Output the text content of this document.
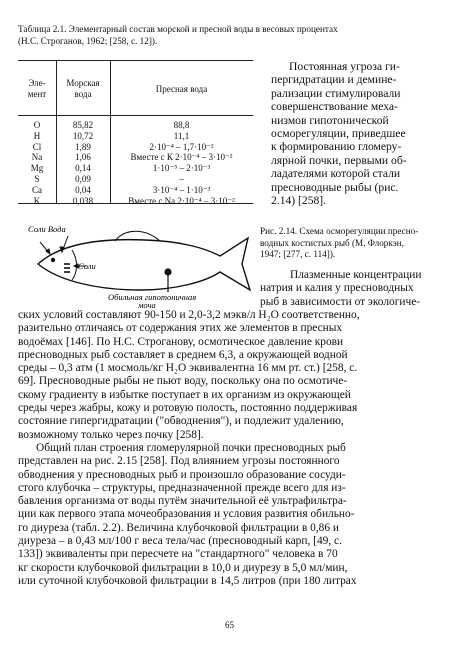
Таблица 2.1. Элементарный состав морской и пресной воды в весовых процентах
(Н.С. Строганов, 1962; [258, с. 12]).
Эле-
мент
Морская
вода	Пресная вода
O
H
Cl
Na
Mg
S
Ca
K
85,82
10,72
1,89
1,06
0,14
0,09
0,04
0,038
88,8
11,1
2·10⁻⁴ – 1,7·10⁻²
Вместе с К 2·10⁻⁴ – 3·10⁻²
1·10⁻⁵ – 2·10⁻³
–
3·10⁻⁴ – 1·10⁻³
Вместе с Na 2·10⁻⁴ – 3·10⁻²
Постоянная угроза ги-
пергидратации и демине-
рализации стимулировали
совершенствование меха-
низмов гипотонической
осморегуляции, приведшее
к формированию гломеру-
лярной почки, первыми об-
ладателями которой стали
пресноводные рыбы (рис.
2.14) [258].
Соли Вода
Соли
Обильная гипотоничная
моча
Рис. 2.14. Схема осморегуляции пресно-
водных костистых рыб (М. Флоркэн,
1947; [277, с. 114]).
Плазменные концентрации
натрия и калия у пресноводных
рыб в зависимости от экологиче-
ских условий составляют 90-150 и 2,0-3,2 мэкв/л H₂O соответственно,
разительно отличаясь от содержания этих же элементов в пресных
водоёмах [146]. По Н.С. Строганову, осмотическое давление крови
пресноводных рыб составляет в среднем 6,3, а окружающей водной
среды – 0,3 атм (1 мосмоль/кг H₂O эквивалентна 16 мм рт. ст.) [258, с.
69]. Пресноводные рыбы не пьют воду, поскольку она по осмотиче-
скому градиенту в избытке поступает в их организм из окружающей
среды через жабры, кожу и ротовую полость, постоянно поддерживая
состояние гипергидратации ("обводнения"), и подлежит удалению,
возможному только через почку [258].
Общий план строения гломерулярной почки пресноводных рыб
представлен на рис. 2.15 [258]. Под влиянием угрозы постоянного
обводнения у пресноводных рыб и произошло образование сосуди-
стого клубочка – структуры, предназначенной прежде всего для из-
бавления организма от воды путём значительной её ультрафильтра-
ции как первого этапа мочеобразования и условия развития обильно-
го диуреза (табл. 2.2). Величина клубочковой фильтрации в 0,86 и
диуреза – в 0,43 мл/100 г веса тела/час (пресноводный карп, [49, с.
133]) эквиваленты при пересчете на "стандартного" человека в 70
кг скорости клубочковой фильтрации в 10,0 и диурезу в 5,0 мл/мин,
или суточной клубочковой фильтрации в 14,5 литров (при 180 литрах
65
